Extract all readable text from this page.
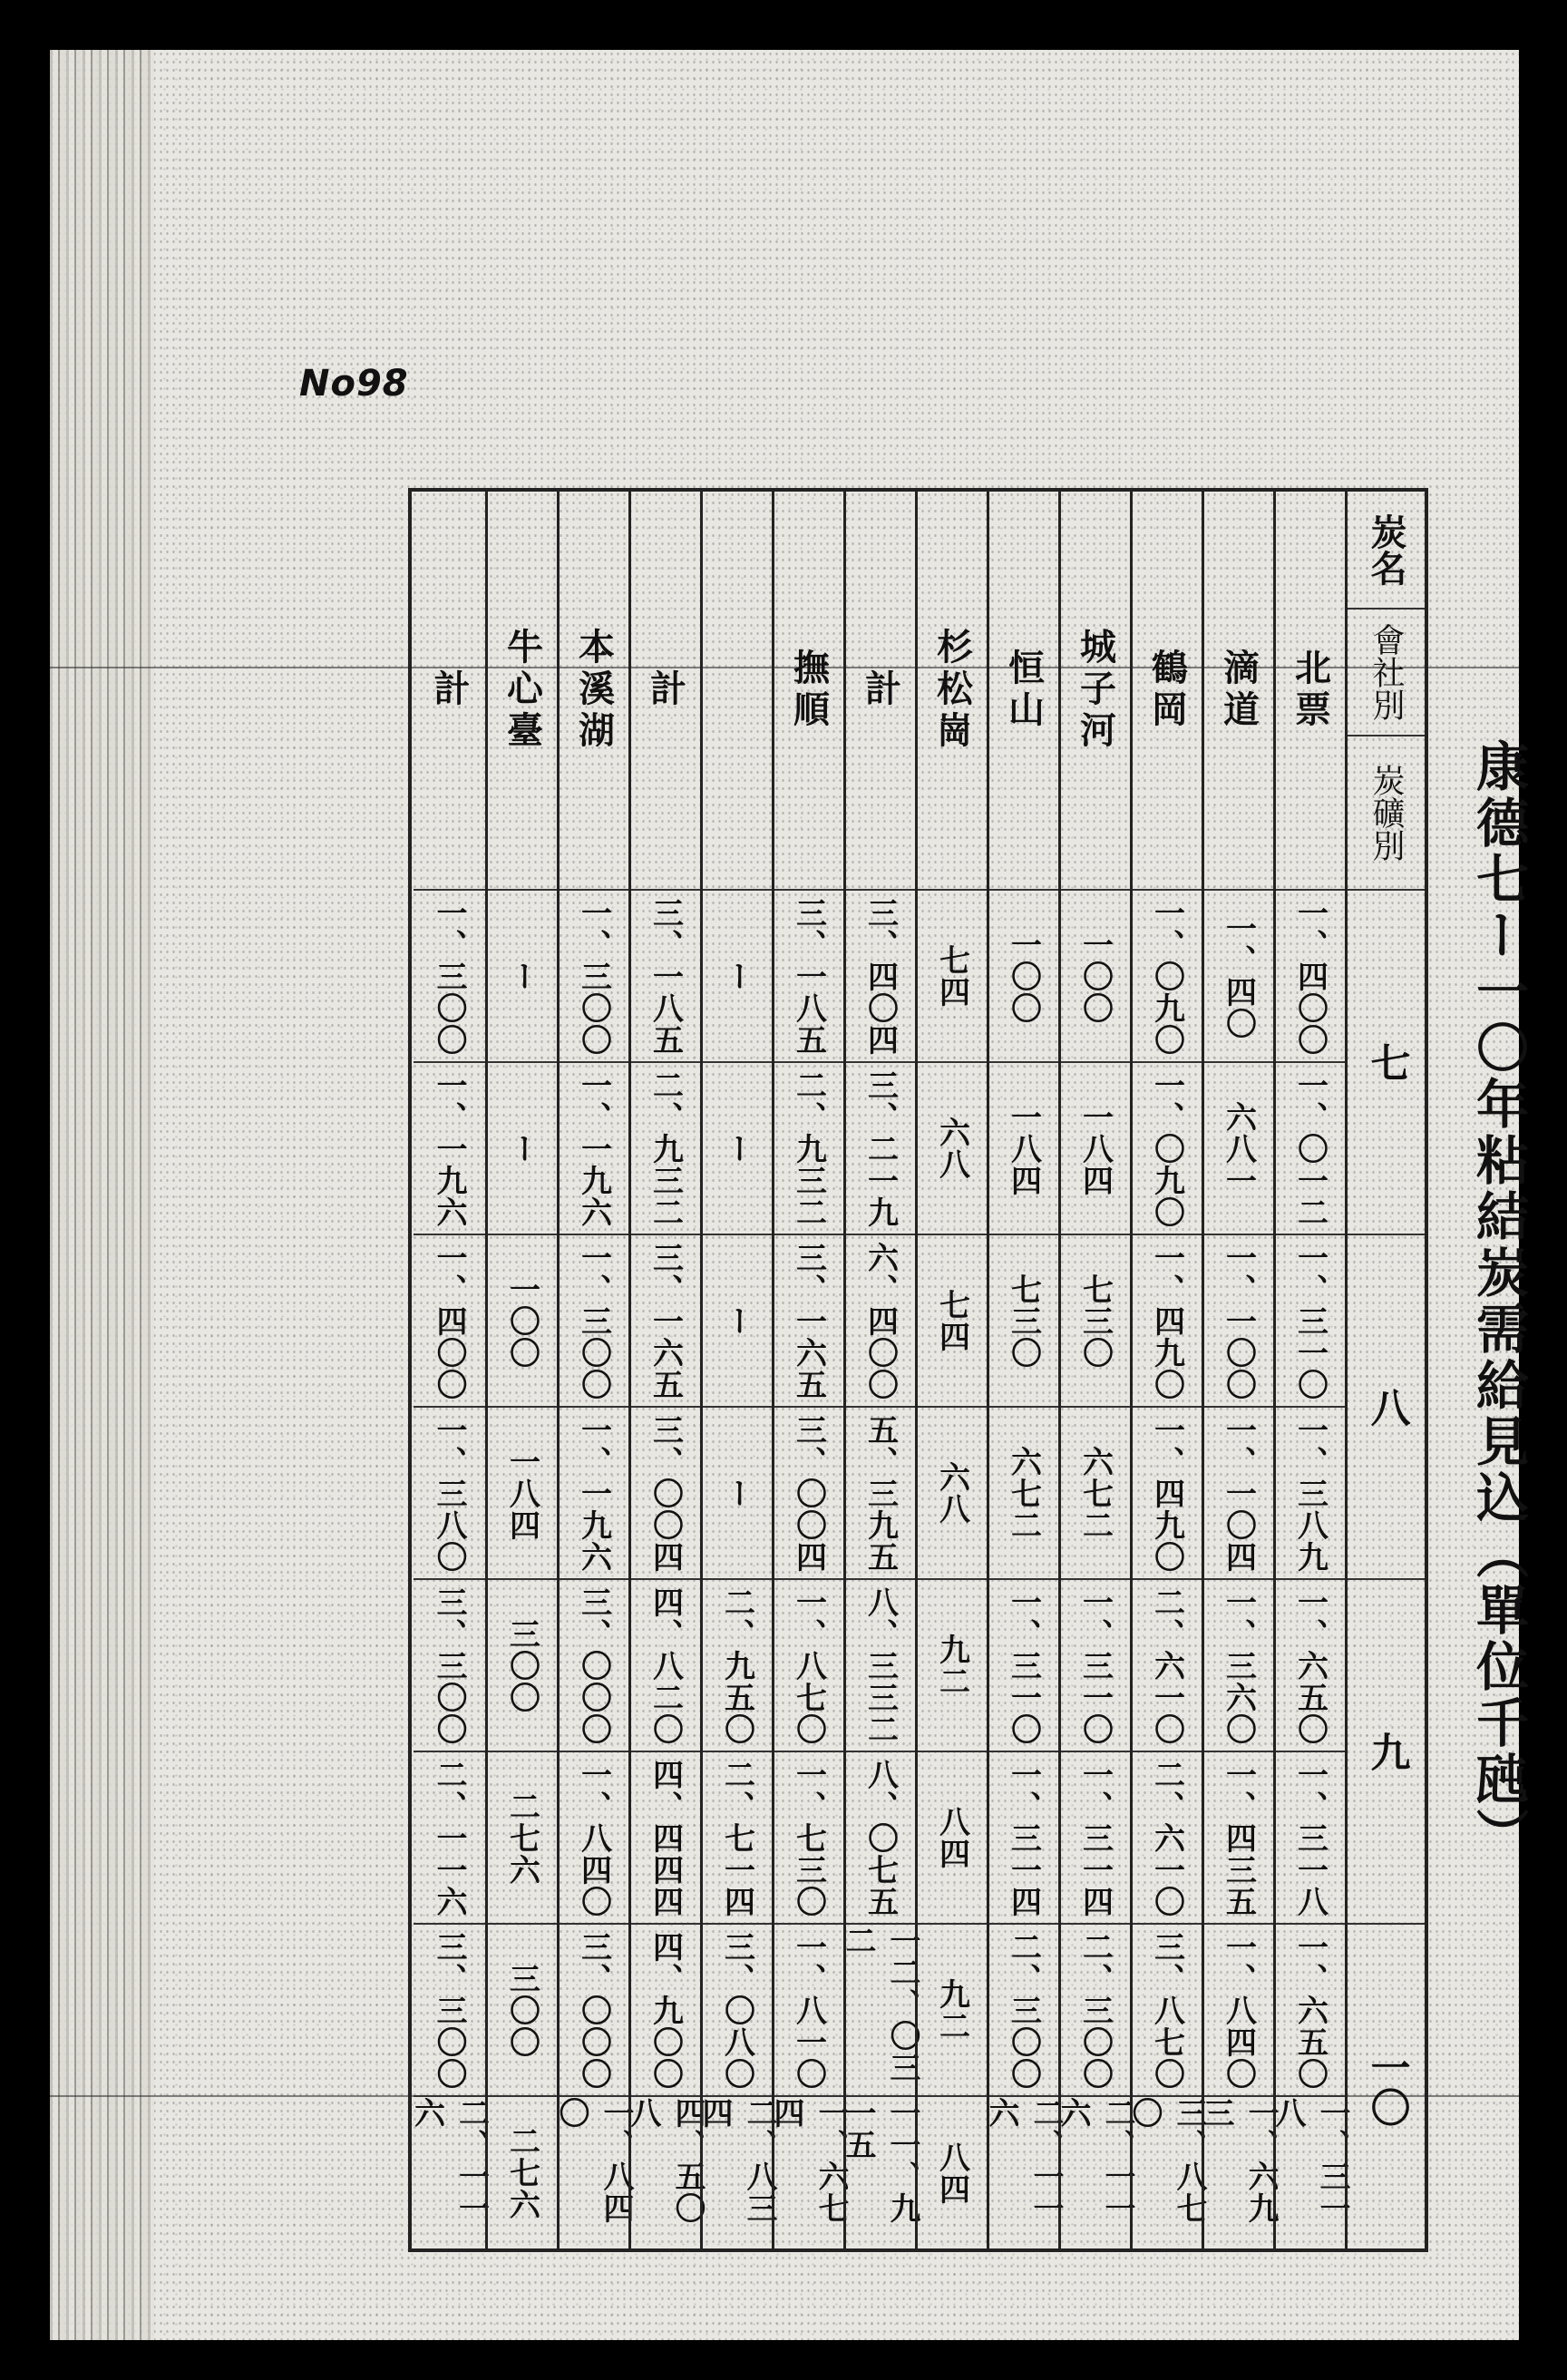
No98
康德七ー一〇年粘結炭需給見込（單位千瓲）
炭名
會社別
炭礦別
七
八
九
一〇
北票
一、四〇〇
一、〇一二
一、三一〇
一、三八九
一、六五〇
一、三一八
一、六五〇
一、三一八
滴道
一、四〇
六八一
一、一〇〇
一、一〇四
一、三六〇
一、四三五
一、八四〇
一、六九三
鶴岡
一、〇九〇
一、〇九〇
一、四九〇
一、四九〇
二、六一〇
二、六一〇
三、八七〇
三、八七〇
城子河
一〇〇
一八四
七三〇
六七二
一、三一〇
一、三一四
二、三〇〇
二、一一六
恒山
一〇〇
一八四
七三〇
六七二
一、三一〇
一、三一四
二、三〇〇
二、一一六
杉松崗
七四
六八
七四
六八
九二
八四
九二
八四
計
三、四〇四
三、二一九
六、四〇〇
五、三九五
八、三三二
八、〇七五
一二、〇三二
一一、九一五
撫順
三、一八五
二、九三二
三、一六五
三、〇〇四
一、八七〇
一、七三〇
一、八一〇
一、六七四
ー
ー
ー
ー
二、九五〇
二、七一四
三、〇八〇
二、八三四
計
三、一八五
二、九三二
三、一六五
三、〇〇四
四、八二〇
四、四四四
四、九〇〇
四、五〇八
本溪湖
一、三〇〇
一、一九六
一、三〇〇
一、一九六
三、〇〇〇
一、八四〇
三、〇〇〇
一、八四〇
牛心臺
ー
ー
一〇〇
一八四
三〇〇
二七六
三〇〇
二七六
計
一、三〇〇
一、一九六
一、四〇〇
一、三八〇
三、三〇〇
二、一一六
三、三〇〇
二、一一六
